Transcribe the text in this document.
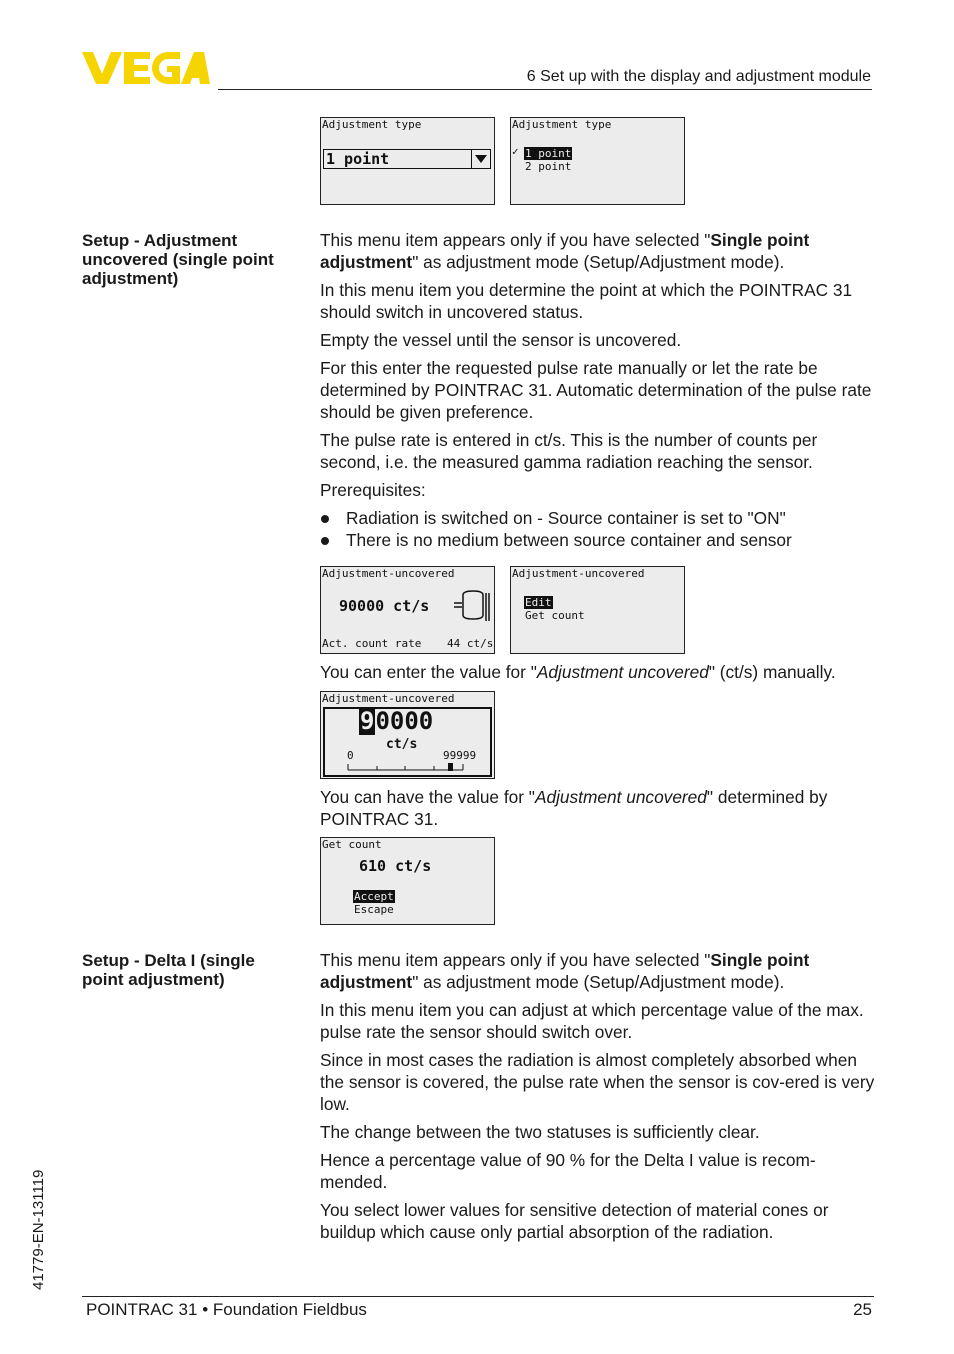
6 Set up with the display and adjustment module
Adjustment type
1 point
Adjustment type
✓ 1 point
2 point
Setup - Adjustment uncovered (single point adjustment)

This menu item appears only if you have selected "Single point adjustment" as adjustment mode (Setup/Adjustment mode).

In this menu item you determine the point at which the POINTRAC 31 should switch in uncovered status.

Empty the vessel until the sensor is uncovered.

For this enter the requested pulse rate manually or let the rate be determined by POINTRAC 31. Automatic determination of the pulse rate should be given preference.

The pulse rate is entered in ct/s. This is the number of counts per second, i.e. the measured gamma radiation reaching the sensor.

Prerequisites:

Radiation is switched on - Source container is set to "ON"
There is no medium between source container and sensor
Adjustment-uncovered
90000 ct/s
Act. count rate 44 ct/s
Adjustment-uncovered
Edit
Get count
You can enter the value for "Adjustment uncovered" (ct/s) manually.
Adjustment-uncovered
90000
ct/s
0	99999
You can have the value for "Adjustment uncovered" determined by POINTRAC 31.
Get count
610 ct/s
Accept
Escape
Setup - Delta I (single point adjustment)

This menu item appears only if you have selected "Single point adjustment" as adjustment mode (Setup/Adjustment mode).

In this menu item you can adjust at which percentage value of the max. pulse rate the sensor should switch over.

Since in most cases the radiation is almost completely absorbed when the sensor is covered, the pulse rate when the sensor is cov-ered is very low.

The change between the two statuses is sufficiently clear.

Hence a percentage value of 90 % for the Delta I value is recom-mended.

You select lower values for sensitive detection of material cones or buildup which cause only partial absorption of the radiation.

41779-EN-131119
POINTRAC 31 • Foundation Fieldbus	25
